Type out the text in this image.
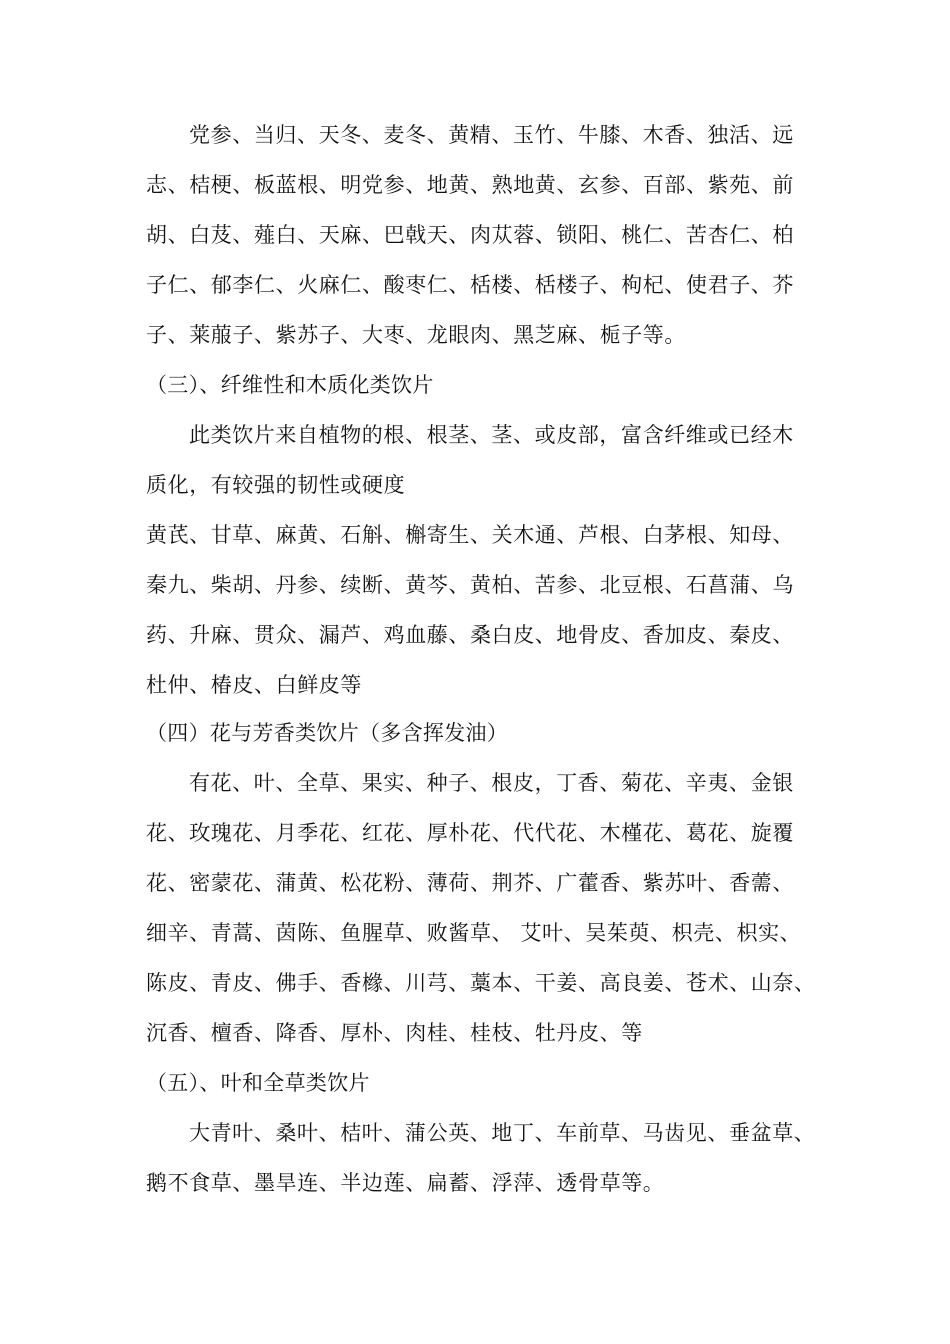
党参、当归、天冬、麦冬、黄精、玉竹、牛膝、木香、独活、远
志、桔梗、板蓝根、明党参、地黄、熟地黄、玄参、百部、紫苑、前
胡、白芨、薤白、天麻、巴戟天、肉苁蓉、锁阳、桃仁、苦杏仁、柏
子仁、郁李仁、火麻仁、酸枣仁、栝楼、栝楼子、枸杞、使君子、芥
子、莱菔子、紫苏子、大枣、龙眼肉、黑芝麻、栀子等。
（三）、纤维性和木质化类饮片
此类饮片来自植物的根、根茎、茎、或皮部，富含纤维或已经木
质化，有较强的韧性或硬度
黄芪、甘草、麻黄、石斛、槲寄生、关木通、芦根、白茅根、知母、
秦九、柴胡、丹参、续断、黄芩、黄柏、苦参、北豆根、石菖蒲、乌
药、升麻、贯众、漏芦、鸡血藤、桑白皮、地骨皮、香加皮、秦皮、
杜仲、椿皮、白鲜皮等
（四）花与芳香类饮片（多含挥发油）
有花、叶、全草、果实、种子、根皮，丁香、菊花、辛夷、金银
花、玫瑰花、月季花、红花、厚朴花、代代花、木槿花、葛花、旋覆
花、密蒙花、蒲黄、松花粉、薄荷、荆芥、广藿香、紫苏叶、香薷、
细辛、青蒿、茵陈、鱼腥草、败酱草、 艾叶、吴茱萸、枳壳、枳实、
陈皮、青皮、佛手、香橼、川芎、藁本、干姜、高良姜、苍术、山奈、
沉香、檀香、降香、厚朴、肉桂、桂枝、牡丹皮、等
（五）、叶和全草类饮片
大青叶、桑叶、桔叶、蒲公英、地丁、车前草、马齿见、垂盆草、
鹅不食草、墨旱连、半边莲、扁蓄、浮萍、透骨草等。
